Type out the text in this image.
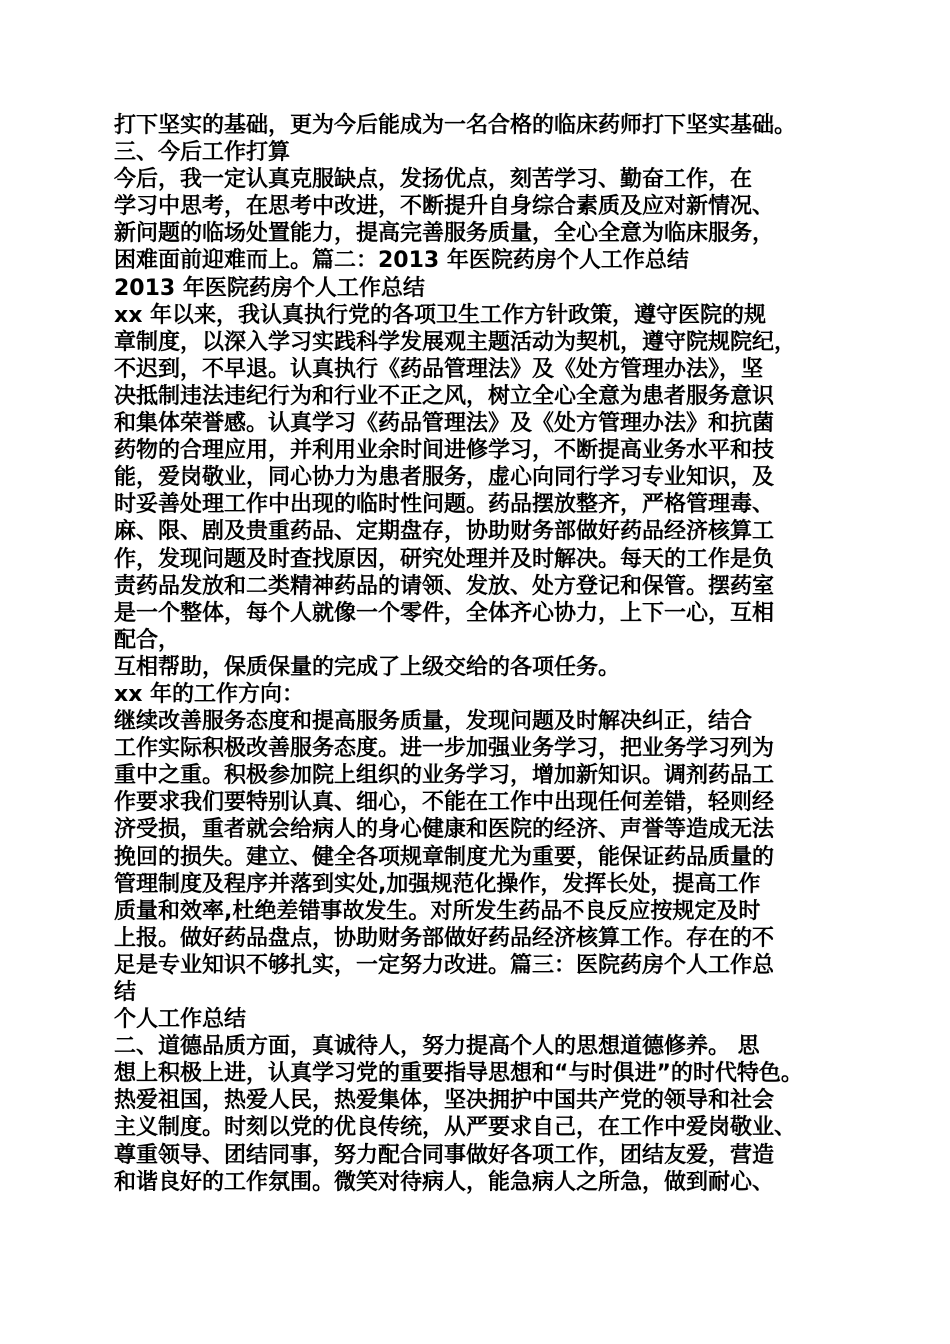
打下坚实的基础，更为今后能成为一名合格的临床药师打下坚实基础。
三、今后工作打算
今后，我一定认真克服缺点，发扬优点，刻苦学习、勤奋工作，在
学习中思考，在思考中改进，不断提升自身综合素质及应对新情况、
新问题的临场处置能力，提高完善服务质量，全心全意为临床服务，
困难面前迎难而上。篇二：2013 年医院药房个人工作总结
2013 年医院药房个人工作总结
xx 年以来，我认真执行党的各项卫生工作方针政策，遵守医院的规
章制度，以深入学习实践科学发展观主题活动为契机，遵守院规院纪，
不迟到，不早退。认真执行《药品管理法》及《处方管理办法》，坚
决抵制违法违纪行为和行业不正之风，树立全心全意为患者服务意识
和集体荣誉感。认真学习《药品管理法》及《处方管理办法》和抗菌
药物的合理应用，并利用业余时间进修学习，不断提高业务水平和技
能，爱岗敬业，同心协力为患者服务，虚心向同行学习专业知识，及
时妥善处理工作中出现的临时性问题。药品摆放整齐，严格管理毒、
麻、限、剧及贵重药品、定期盘存，协助财务部做好药品经济核算工
作，发现问题及时查找原因，研究处理并及时解决。每天的工作是负
责药品发放和二类精神药品的请领、发放、处方登记和保管。摆药室
是一个整体，每个人就像一个零件，全体齐心协力，上下一心，互相
配合，
互相帮助，保质保量的完成了上级交给的各项任务。
xx 年的工作方向：
继续改善服务态度和提高服务质量，发现问题及时解决纠正，结合
工作实际积极改善服务态度。进一步加强业务学习，把业务学习列为
重中之重。积极参加院上组织的业务学习，增加新知识。调剂药品工
作要求我们要特别认真、细心，不能在工作中出现任何差错，轻则经
济受损，重者就会给病人的身心健康和医院的经济、声誉等造成无法
挽回的损失。建立、健全各项规章制度尤为重要，能保证药品质量的
管理制度及程序并落到实处,加强规范化操作，发挥长处，提高工作
质量和效率,杜绝差错事故发生。对所发生药品不良反应按规定及时
上报。做好药品盘点，协助财务部做好药品经济核算工作。存在的不
足是专业知识不够扎实，一定努力改进。篇三：医院药房个人工作总
结
个人工作总结
二、道德品质方面，真诚待人，努力提高个人的思想道德修养。 思
想上积极上进，认真学习党的重要指导思想和“与时俱进”的时代特色。
热爱祖国，热爱人民，热爱集体，坚决拥护中国共产党的领导和社会
主义制度。时刻以党的优良传统，从严要求自己，在工作中爱岗敬业、
尊重领导、团结同事，努力配合同事做好各项工作，团结友爱，营造
和谐良好的工作氛围。微笑对待病人，能急病人之所急，做到耐心、
